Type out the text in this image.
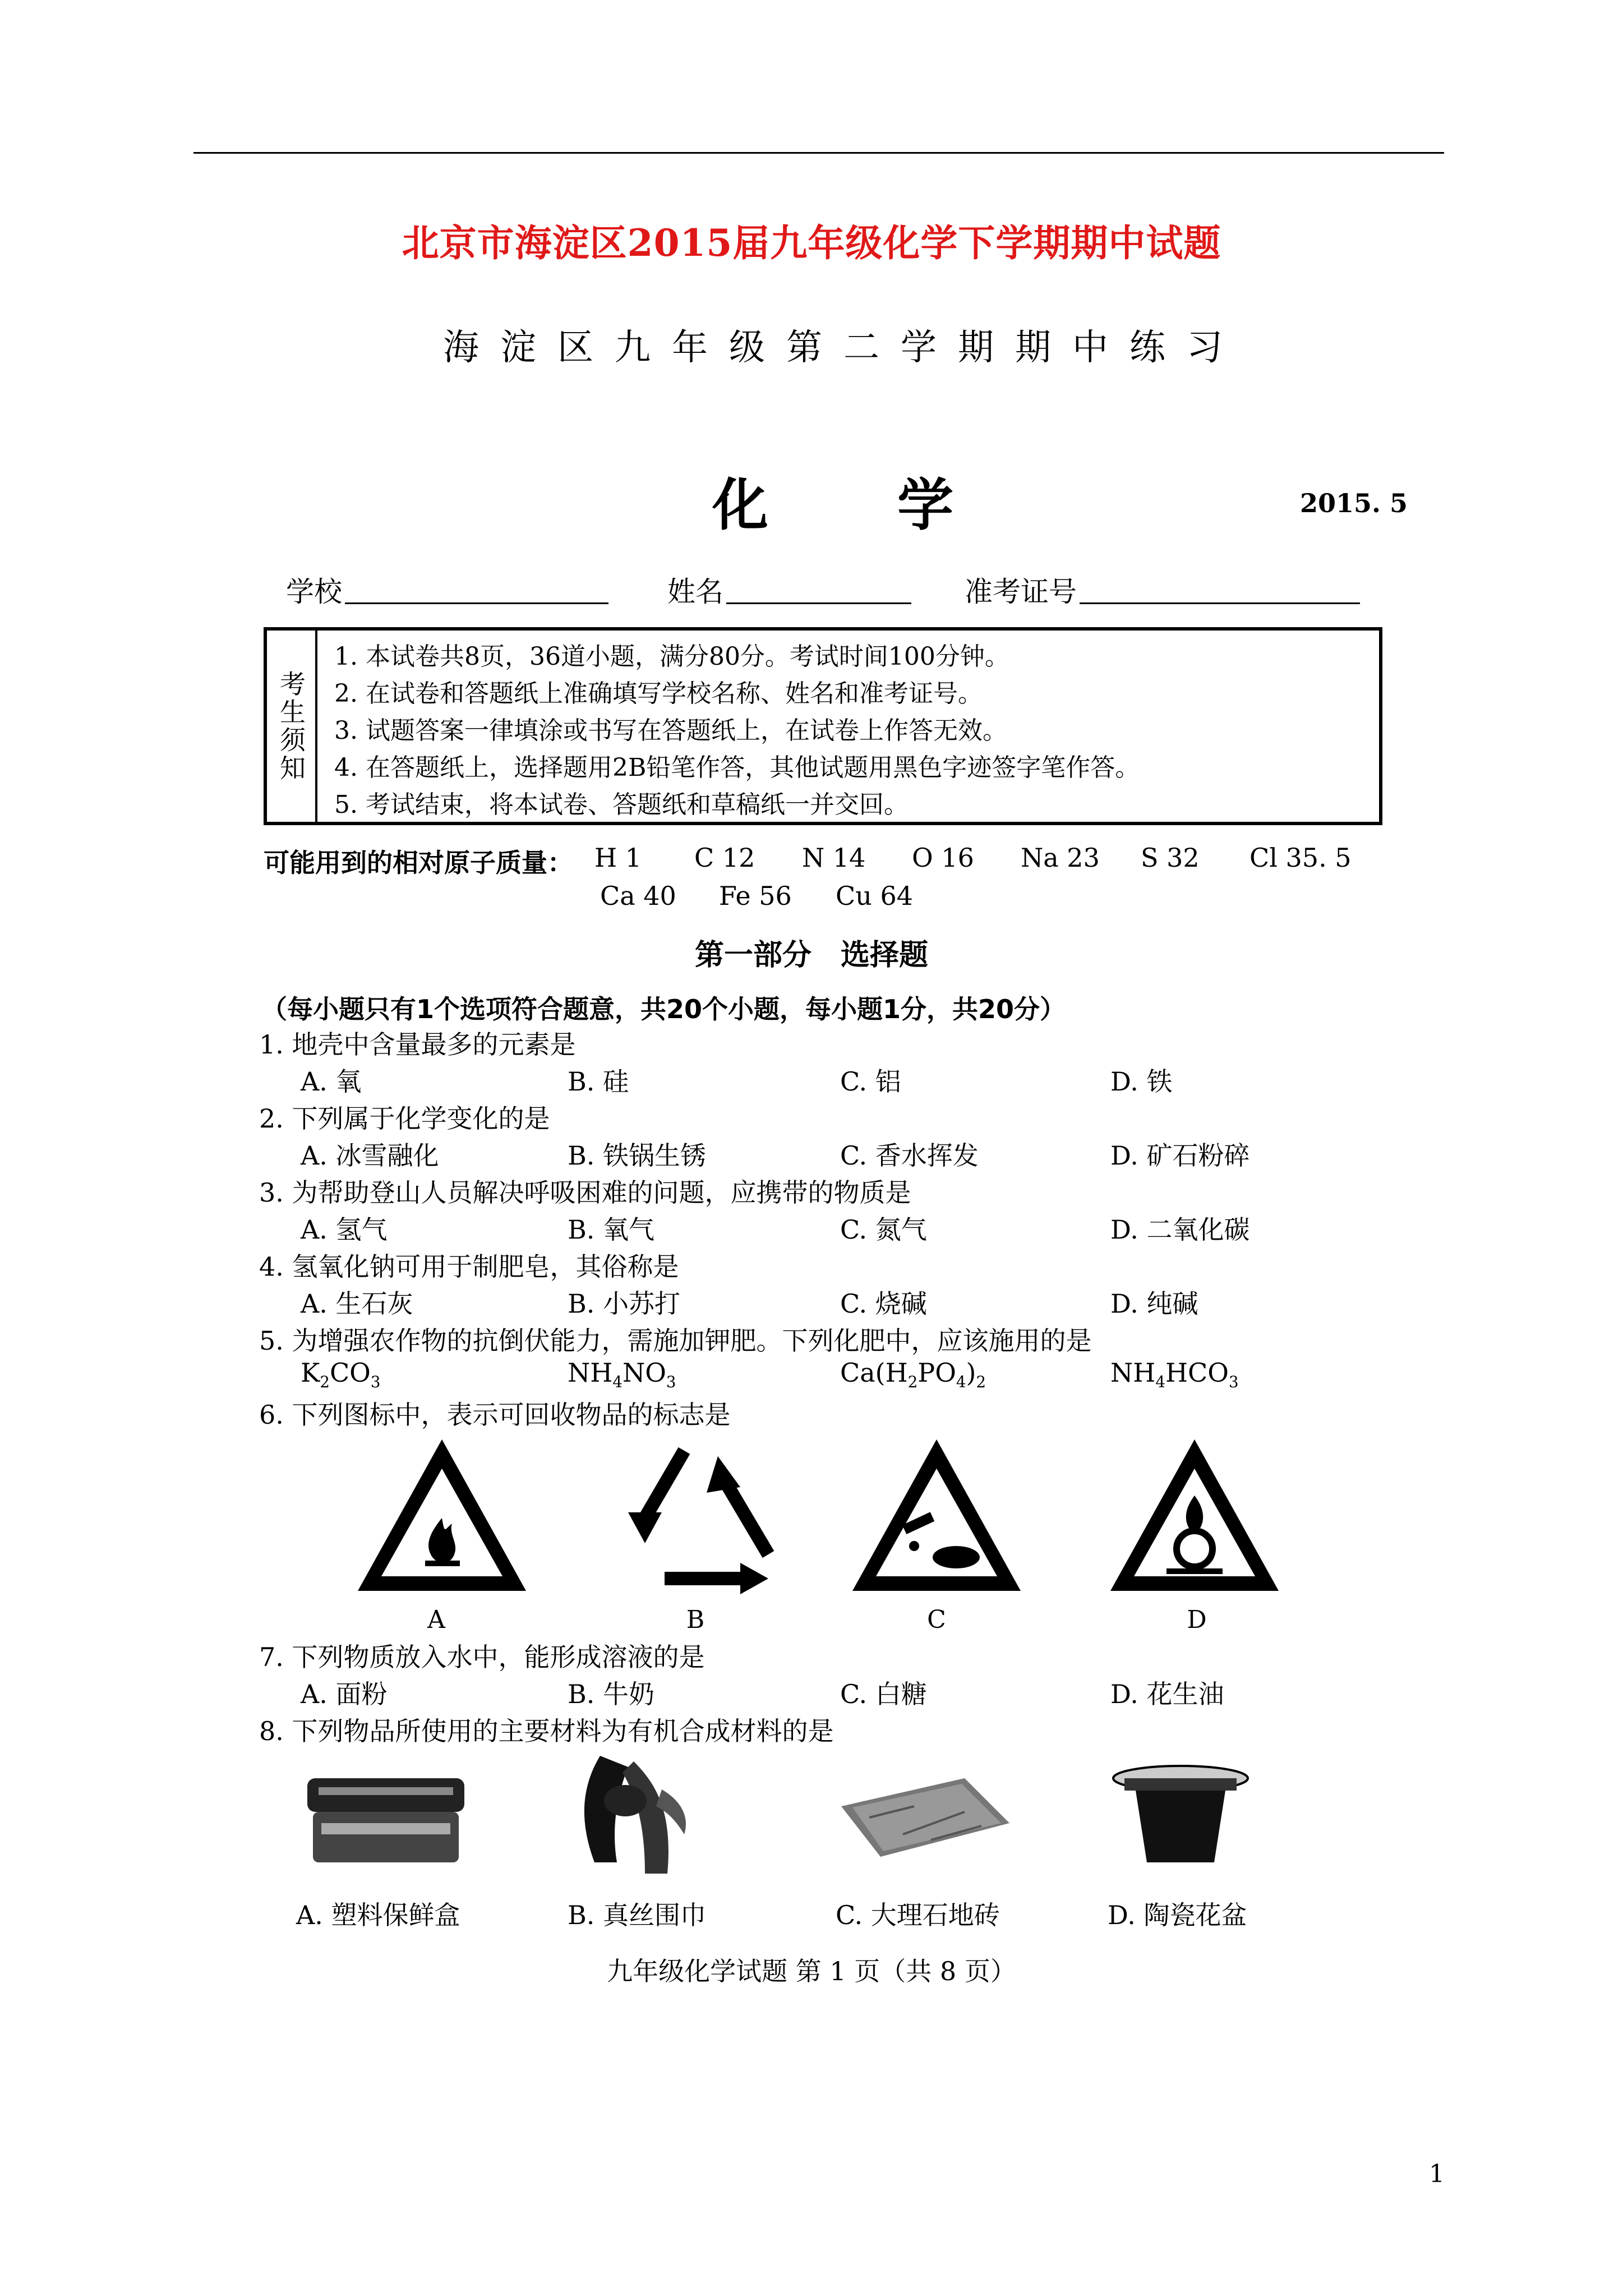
北京市海淀区2015届九年级化学下学期期中试题
海淀区九年级第二学期期中练习
化学	2015. 5
学校	姓名	准考证号
考生须知
1. 本试卷共8页，36道小题，满分80分。考试时间100分钟。
2. 在试卷和答题纸上准确填写学校名称、姓名和准考证号。
3. 试题答案一律填涂或书写在答题纸上，在试卷上作答无效。
4. 在答题纸上，选择题用2B铅笔作答，其他试题用黑色字迹签字笔作答。
5. 考试结束，将本试卷、答题纸和草稿纸一并交回。
可能用到的相对原子质量： H 1 C 12 N 14 O 16 Na 23 S 32 Cl 35. 5
Ca 40 Fe 56 Cu 64
第一部分　选择题
（每小题只有1个选项符合题意，共20个小题，每小题1分，共20分）
1. 地壳中含量最多的元素是
A. 氧	B. 硅	C. 铝	D. 铁
2. 下列属于化学变化的是
A. 冰雪融化	B. 铁锅生锈	C. 香水挥发	D. 矿石粉碎
3. 为帮助登山人员解决呼吸困难的问题，应携带的物质是
A. 氢气	B. 氧气	C. 氮气	D. 二氧化碳
4. 氢氧化钠可用于制肥皂，其俗称是
A. 生石灰	B. 小苏打	C. 烧碱	D. 纯碱
5. 为增强农作物的抗倒伏能力，需施加钾肥。下列化肥中，应该施用的是
$K_2CO_3$	$NH_4NO_3$	$Ca(H_2PO_4)_2$	$NH_4HCO_3$
6. 下列图标中，表示可回收物品的标志是
A	B	C	D
7. 下列物质放入水中，能形成溶液的是
A. 面粉	B. 牛奶	C. 白糖	D. 花生油
8. 下列物品所使用的主要材料为有机合成材料的是
A. 塑料保鲜盒	B. 真丝围巾	C. 大理石地砖	D. 陶瓷花盆
九年级化学试题 第 1 页（共 8 页）
1
